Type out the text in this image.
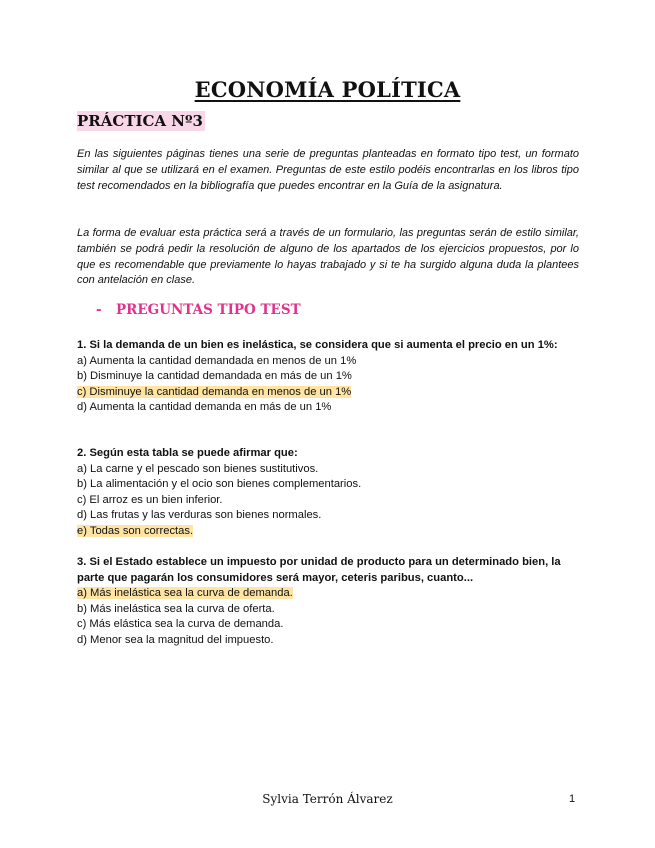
ECONOMÍA POLÍTICA
PRÁCTICA Nº3

En las siguientes páginas tienes una serie de preguntas planteadas en formato tipo test, un formato similar al que se utilizará en el examen. Preguntas de este estilo podéis encontrarlas en los libros tipo test recomendados en la bibliografía que puedes encontrar en la Guía de la asignatura.

La forma de evaluar esta práctica será a través de un formulario, las preguntas serán de estilo similar, también se podrá pedir la resolución de alguno de los apartados de los ejercicios propuestos, por lo que es recomendable que previamente lo hayas trabajado y si te ha surgido alguna duda la plantees con antelación en clase.

- PREGUNTAS TIPO TEST

1. Si la demanda de un bien es inelástica, se considera que si aumenta el precio en un 1%:

a) Aumenta la cantidad demandada en menos de un 1%

b) Disminuye la cantidad demandada en más de un 1%

c) Disminuye la cantidad demanda en menos de un 1%

d) Aumenta la cantidad demanda en más de un 1%

2. Según esta tabla se puede afirmar que:

a) La carne y el pescado son bienes sustitutivos.

b) La alimentación y el ocio son bienes complementarios.

c) El arroz es un bien inferior.

d) Las frutas y las verduras son bienes normales.

e) Todas son correctas.

3. Si el Estado establece un impuesto por unidad de producto para un determinado bien, la parte que pagarán los consumidores será mayor, ceteris paribus, cuanto...

a) Más inelástica sea la curva de demanda.

b) Más inelástica sea la curva de oferta.

c) Más elástica sea la curva de demanda.

d) Menor sea la magnitud del impuesto.

Sylvia Terrón Álvarez	1
